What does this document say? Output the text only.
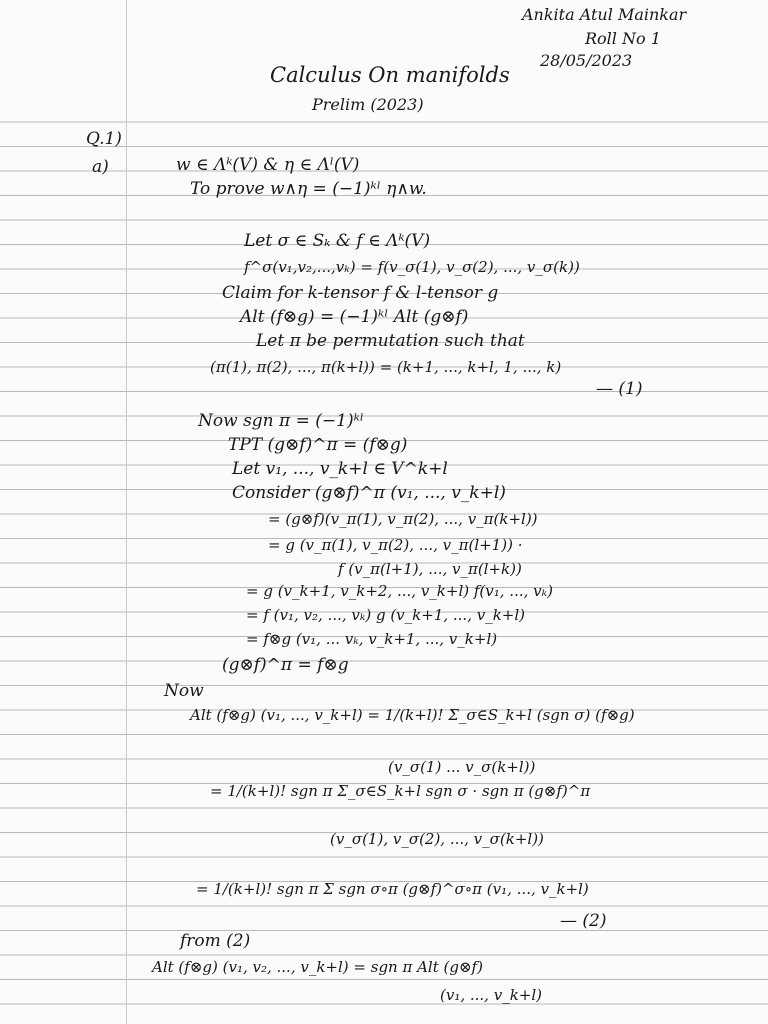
Ankita Atul Mainkar
Roll No 1
28/05/2023
Calculus On manifolds
Prelim (2023)
Q.1)
a)	w ∈ Λᵏ(V) & η ∈ Λˡ(V)
To prove w∧η = (−1)ᵏˡ η∧w.
Let σ ∈ Sₖ & f ∈ Λᵏ(V)
f^σ(v₁,v₂,...,vₖ) = f(v_σ(1), v_σ(2), ..., v_σ(k))
Claim for k-tensor f & l-tensor g
Alt (f⊗g) = (−1)ᵏˡ Alt (g⊗f)
Let π be permutation such that
(π(1), π(2), ..., π(k+l)) = (k+1, ..., k+l, 1, ..., k)
— (1)
Now sgn π = (−1)ᵏˡ
TPT (g⊗f)^π = (f⊗g)
Let v₁, ..., v_k+l ∈ V^k+l
Consider (g⊗f)^π (v₁, ..., v_k+l)
= (g⊗f)(v_π(1), v_π(2), ..., v_π(k+l))
= g (v_π(1), v_π(2), ..., v_π(l+1)) ·
f (v_π(l+1), ..., v_π(l+k))
= g (v_k+1, v_k+2, ..., v_k+l) f(v₁, ..., vₖ)
= f (v₁, v₂, ..., vₖ) g (v_k+1, ..., v_k+l)
= f⊗g (v₁, ... vₖ, v_k+1, ..., v_k+l)
(g⊗f)^π = f⊗g
Now
Alt (f⊗g) (v₁, ..., v_k+l) = 1/(k+l)! Σ_σ∈S_k+l (sgn σ) (f⊗g)
(v_σ(1) ... v_σ(k+l))
= 1/(k+l)! sgn π Σ_σ∈S_k+l sgn σ · sgn π (g⊗f)^π
(v_σ(1), v_σ(2), ..., v_σ(k+l))
= 1/(k+l)! sgn π Σ sgn σ∘π (g⊗f)^σ∘π (v₁, ..., v_k+l)
— (2)
from (2)
Alt (f⊗g) (v₁, v₂, ..., v_k+l) = sgn π Alt (g⊗f)
(v₁, ..., v_k+l)
